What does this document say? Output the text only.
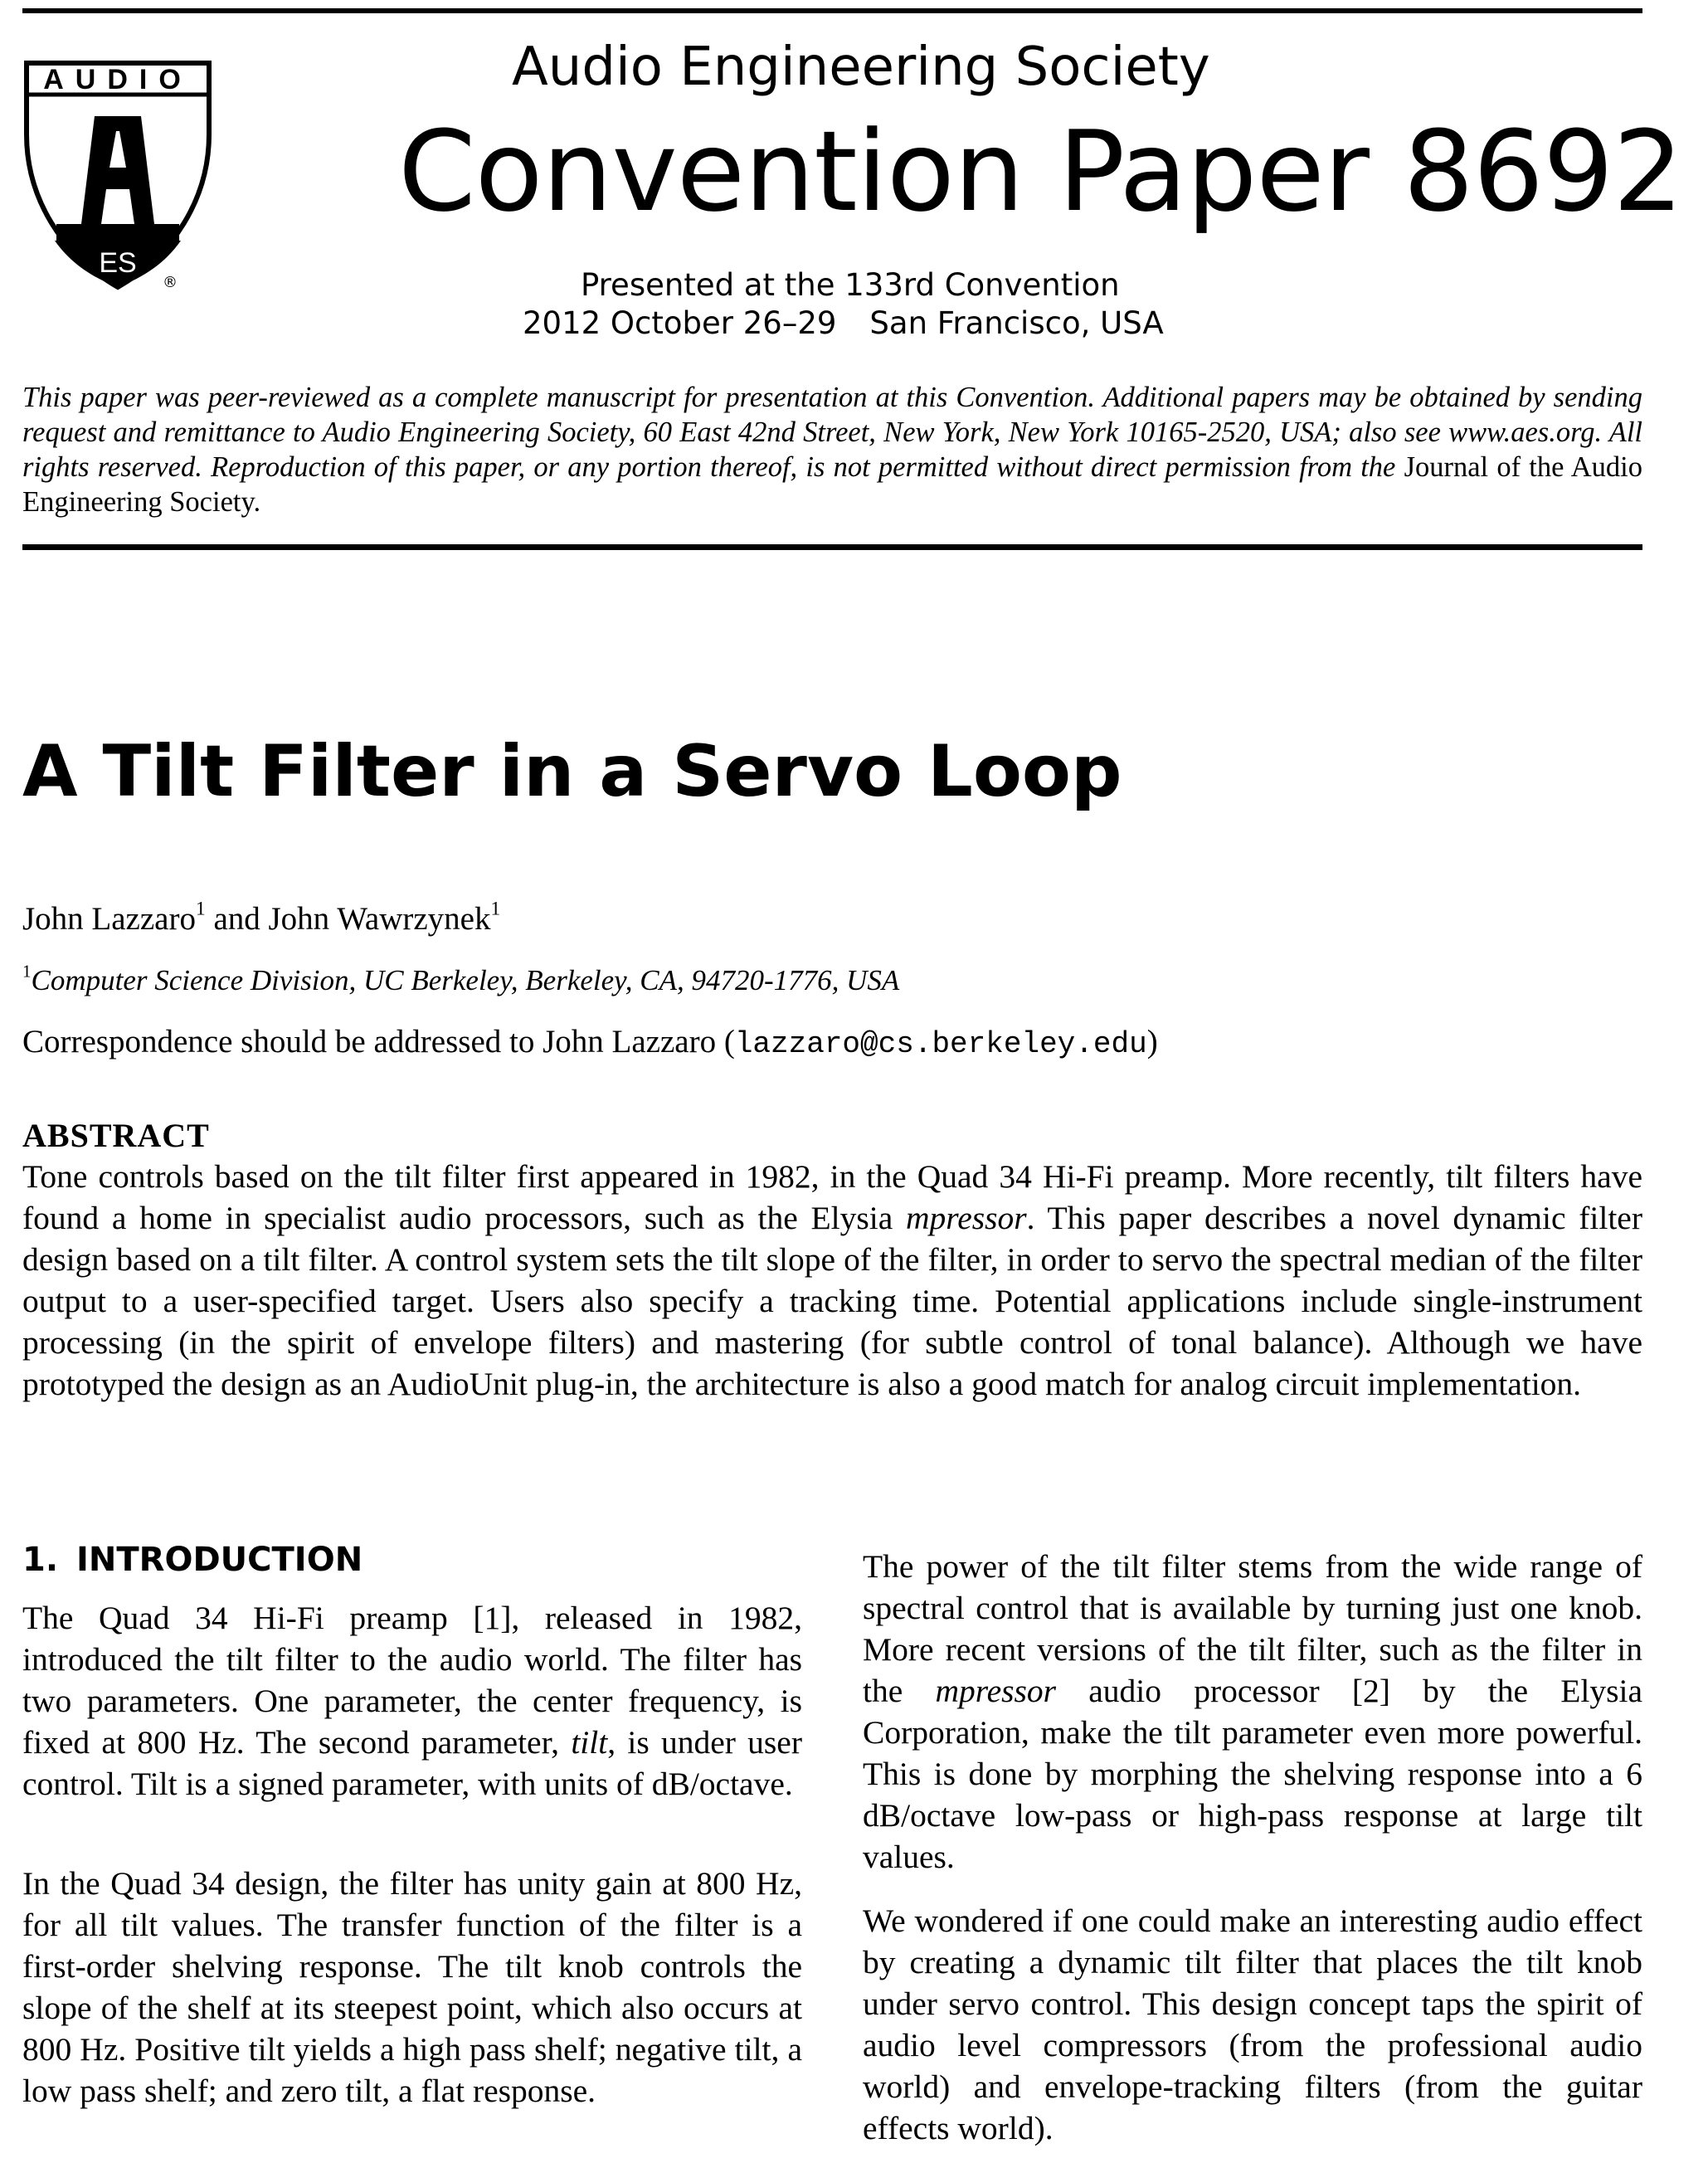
AUDIO
ES
®
Audio Engineering Society
Convention Paper 8692
Presented at the 133rd Convention
2012 October 26–29 San Francisco, USA
This paper was peer-reviewed as a complete manuscript for presentation at this Convention. Additional papers may be obtained by sending request and remittance to Audio Engineering Society, 60 East 42nd Street, New York, New York 10165-2520, USA; also see www.aes.org. All rights reserved. Reproduction of this paper, or any portion thereof, is not permitted without direct permission from the Journal of the Audio Engineering Society.
A Tilt Filter in a Servo Loop
John Lazzaro$^1$ and John Wawrzynek$^1$
$^1$Computer Science Division, UC Berkeley, Berkeley, CA, 94720-1776, USA
Correspondence should be addressed to John Lazzaro (lazzaro@cs.berkeley.edu)
ABSTRACT
Tone controls based on the tilt filter first appeared in 1982, in the Quad 34 Hi-Fi preamp. More recently, tilt filters have found a home in specialist audio processors, such as the Elysia mpressor. This paper describes a novel dynamic filter design based on a tilt filter. A control system sets the tilt slope of the filter, in order to servo the spectral median of the filter output to a user-specified target. Users also specify a tracking time. Potential applications include single-instrument processing (in the spirit of envelope filters) and mastering (for subtle control of tonal balance). Although we have prototyped the design as an AudioUnit plug-in, the architecture is also a good match for analog circuit implementation.
1. INTRODUCTION

The Quad 34 Hi-Fi preamp [1], released in 1982, introduced the tilt filter to the audio world. The filter has two parameters. One parameter, the center frequency, is fixed at 800 Hz. The second parameter, tilt, is under user control. Tilt is a signed parameter, with units of dB/octave.

In the Quad 34 design, the filter has unity gain at 800 Hz, for all tilt values. The transfer function of the filter is a first-order shelving response. The tilt knob controls the slope of the shelf at its steepest point, which also occurs at 800 Hz. Positive tilt yields a high pass shelf; negative tilt, a low pass shelf; and zero tilt, a flat response.

The power of the tilt filter stems from the wide range of spectral control that is available by turning just one knob. More recent versions of the tilt filter, such as the filter in the mpressor audio processor [2] by the Elysia Corporation, make the tilt parameter even more powerful. This is done by morphing the shelving response into a 6 dB/octave low-pass or high-pass response at large tilt values.

We wondered if one could make an interesting audio effect by creating a dynamic tilt filter that places the tilt knob under servo control. This design concept taps the spirit of audio level compressors (from the professional audio world) and envelope-tracking filters (from the guitar effects world).
